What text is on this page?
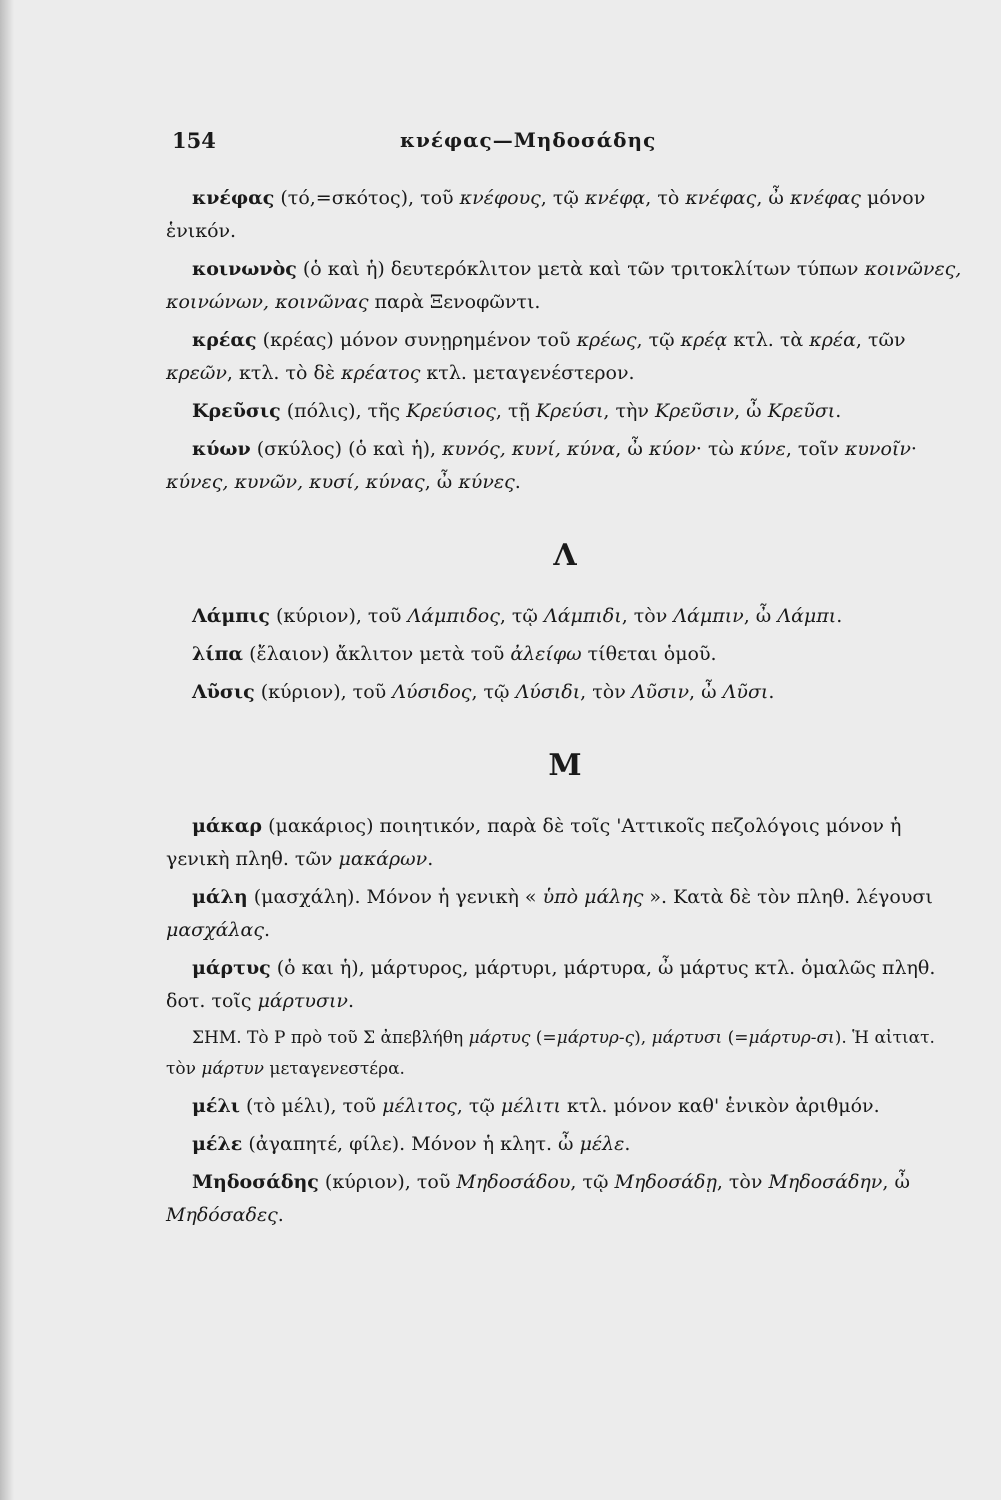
154	κνέφας—Μηδοσάδης

κνέφας (τό,=σκότος), τοῦ κνέφους, τῷ κνέφᾳ, τὸ κνέφας, ὦ κνέφας μόνον ἑνικόν.

κοινωνὸς (ὁ καὶ ἡ) δευτερόκλιτον μετὰ καὶ τῶν τριτοκλίτων τύπων κοινῶνες, κοινώνων, κοινῶνας παρὰ Ξενοφῶντι.

κρέας (κρέας) μόνον συνῃρημένον τοῦ κρέως, τῷ κρέᾳ κτλ. τὰ κρέα, τῶν κρεῶν, κτλ. τὸ δὲ κρέατος κτλ. μεταγενέστερον.

Κρεῦσις (πόλις), τῆς Κρεύσιος, τῇ Κρεύσι, τὴν Κρεῦσιν, ὦ Κρεῦσι.

κύων (σκύλος) (ὁ καὶ ἡ), κυνός, κυνί, κύνα, ὦ κύον· τὼ κύνε, τοῖν κυνοῖν· κύνες, κυνῶν, κυσί, κύνας, ὦ κύνες.

Λ

Λάμπις (κύριον), τοῦ Λάμπιδος, τῷ Λάμπιδι, τὸν Λάμπιν, ὦ Λάμπι.

λίπα (ἔλαιον) ἄκλιτον μετὰ τοῦ ἀλείφω τίθεται ὁμοῦ.

Λῦσις (κύριον), τοῦ Λύσιδος, τῷ Λύσιδι, τὸν Λῦσιν, ὦ Λῦσι.

Μ

μάκαρ (μακάριος) ποιητικόν, παρὰ δὲ τοῖς 'Αττικοῖς πεζολόγοις μόνον ἡ γενικὴ πληθ. τῶν μακάρων.

μάλη (μασχάλη). Μόνον ἡ γενικὴ « ὑπὸ μάλης ». Κατὰ δὲ τὸν πληθ. λέγουσι μασχάλας.

μάρτυς (ὁ και ἡ), μάρτυρος, μάρτυρι, μάρτυρα, ὦ μάρτυς κτλ. ὁμαλῶς πληθ. δοτ. τοῖς μάρτυσιν.

ΣΗΜ. Τὸ Ρ πρὸ τοῦ Σ ἀπεβλήθη μάρτυς (=μάρτυρ-ς), μάρτυσι (=μάρτυρ-σι). Ἡ αἰτιατ. τὸν μάρτυν μεταγενεστέρα.

μέλι (τὸ μέλι), τοῦ μέλιτος, τῷ μέλιτι κτλ. μόνον καθ' ἑνικὸν ἀριθμόν.

μέλε (ἀγαπητέ, φίλε). Μόνον ἡ κλητ. ὦ μέλε.

Μηδοσάδης (κύριον), τοῦ Μηδοσάδου, τῷ Μηδοσάδῃ, τὸν Μηδοσάδην, ὦ Μηδόσαδες.
